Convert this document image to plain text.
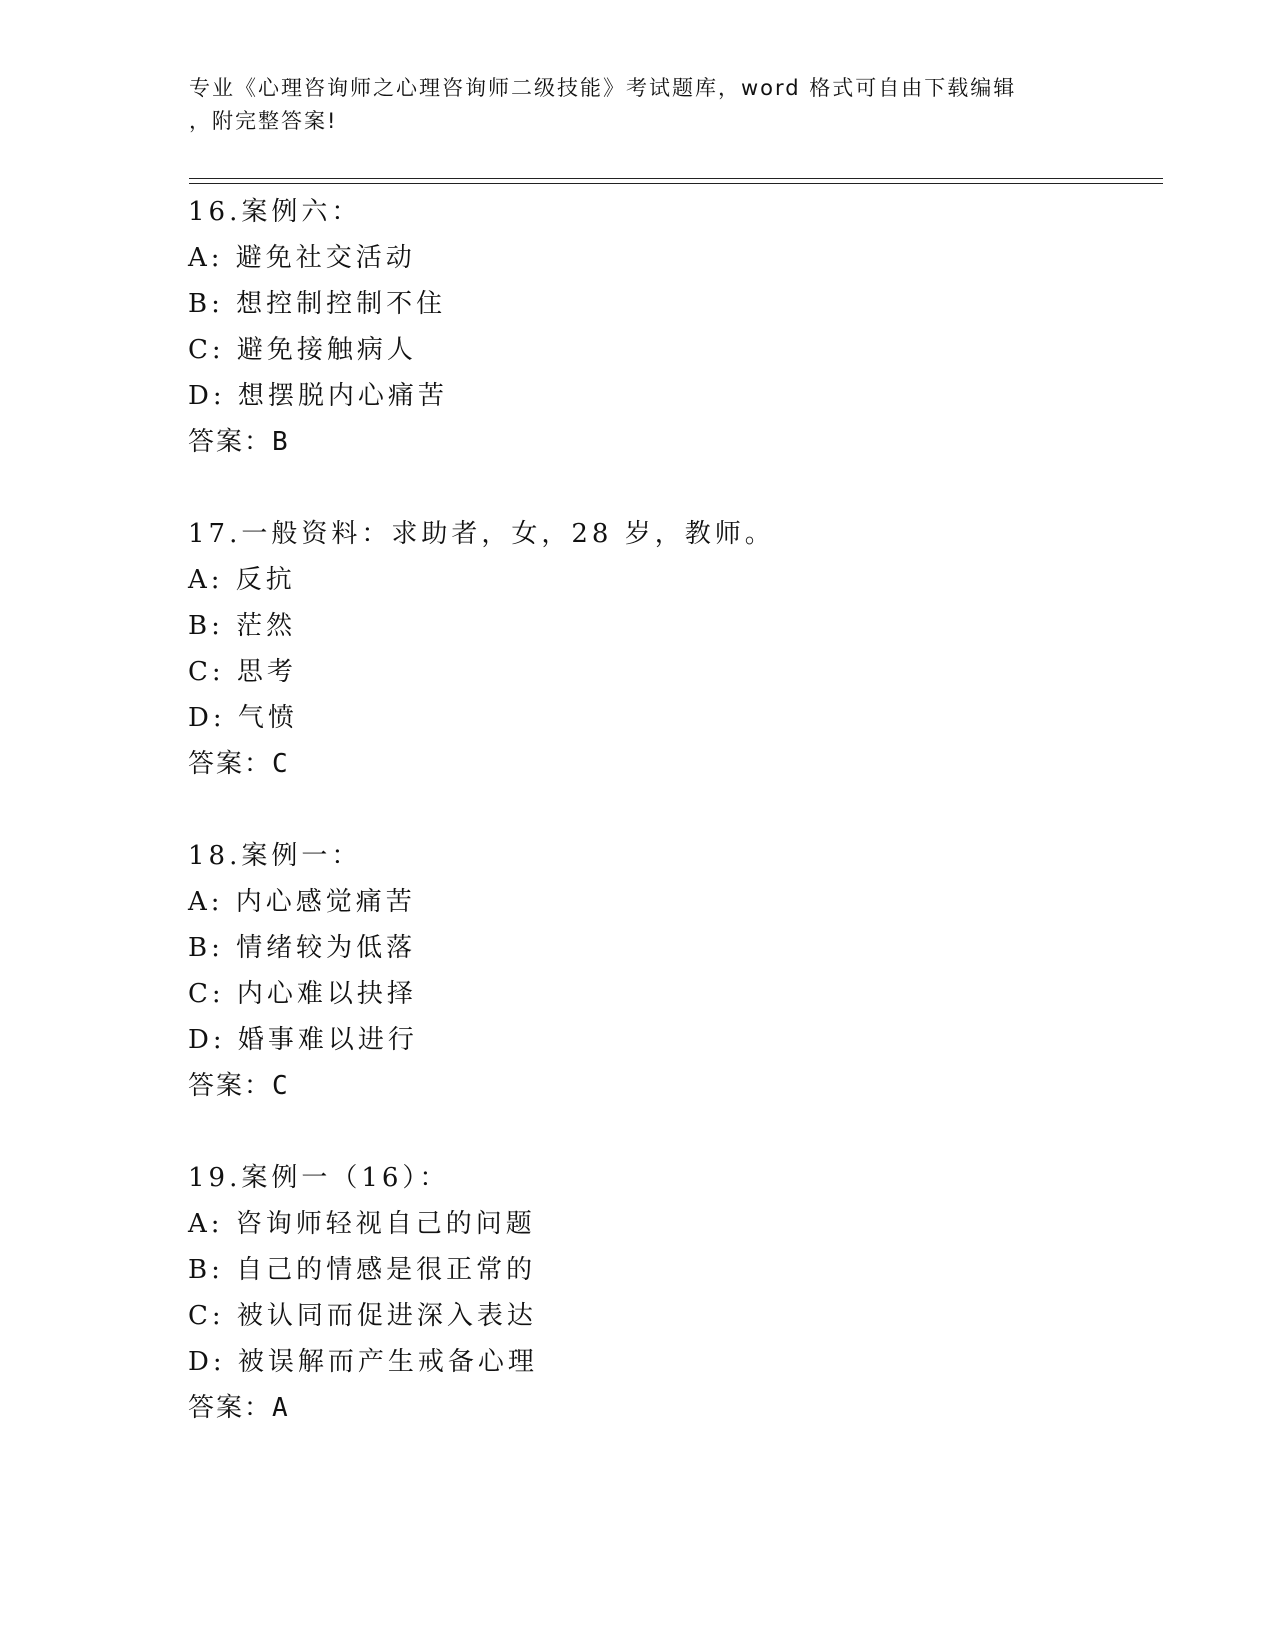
专业《心理咨询师之心理咨询师二级技能》考试题库，word 格式可自由下载编辑
，附完整答案!
16.案例六：
A: 避免社交活动
B: 想控制控制不住
C: 避免接触病人
D: 想摆脱内心痛苦
答案：B
17.一般资料：求助者，女，28 岁，教师。
A: 反抗
B: 茫然
C: 思考
D: 气愤
答案：C
18.案例一：
A: 内心感觉痛苦
B: 情绪较为低落
C: 内心难以抉择
D: 婚事难以进行
答案：C
19.案例一（16）：
A: 咨询师轻视自己的问题
B: 自己的情感是很正常的
C: 被认同而促进深入表达
D: 被误解而产生戒备心理
答案：A
